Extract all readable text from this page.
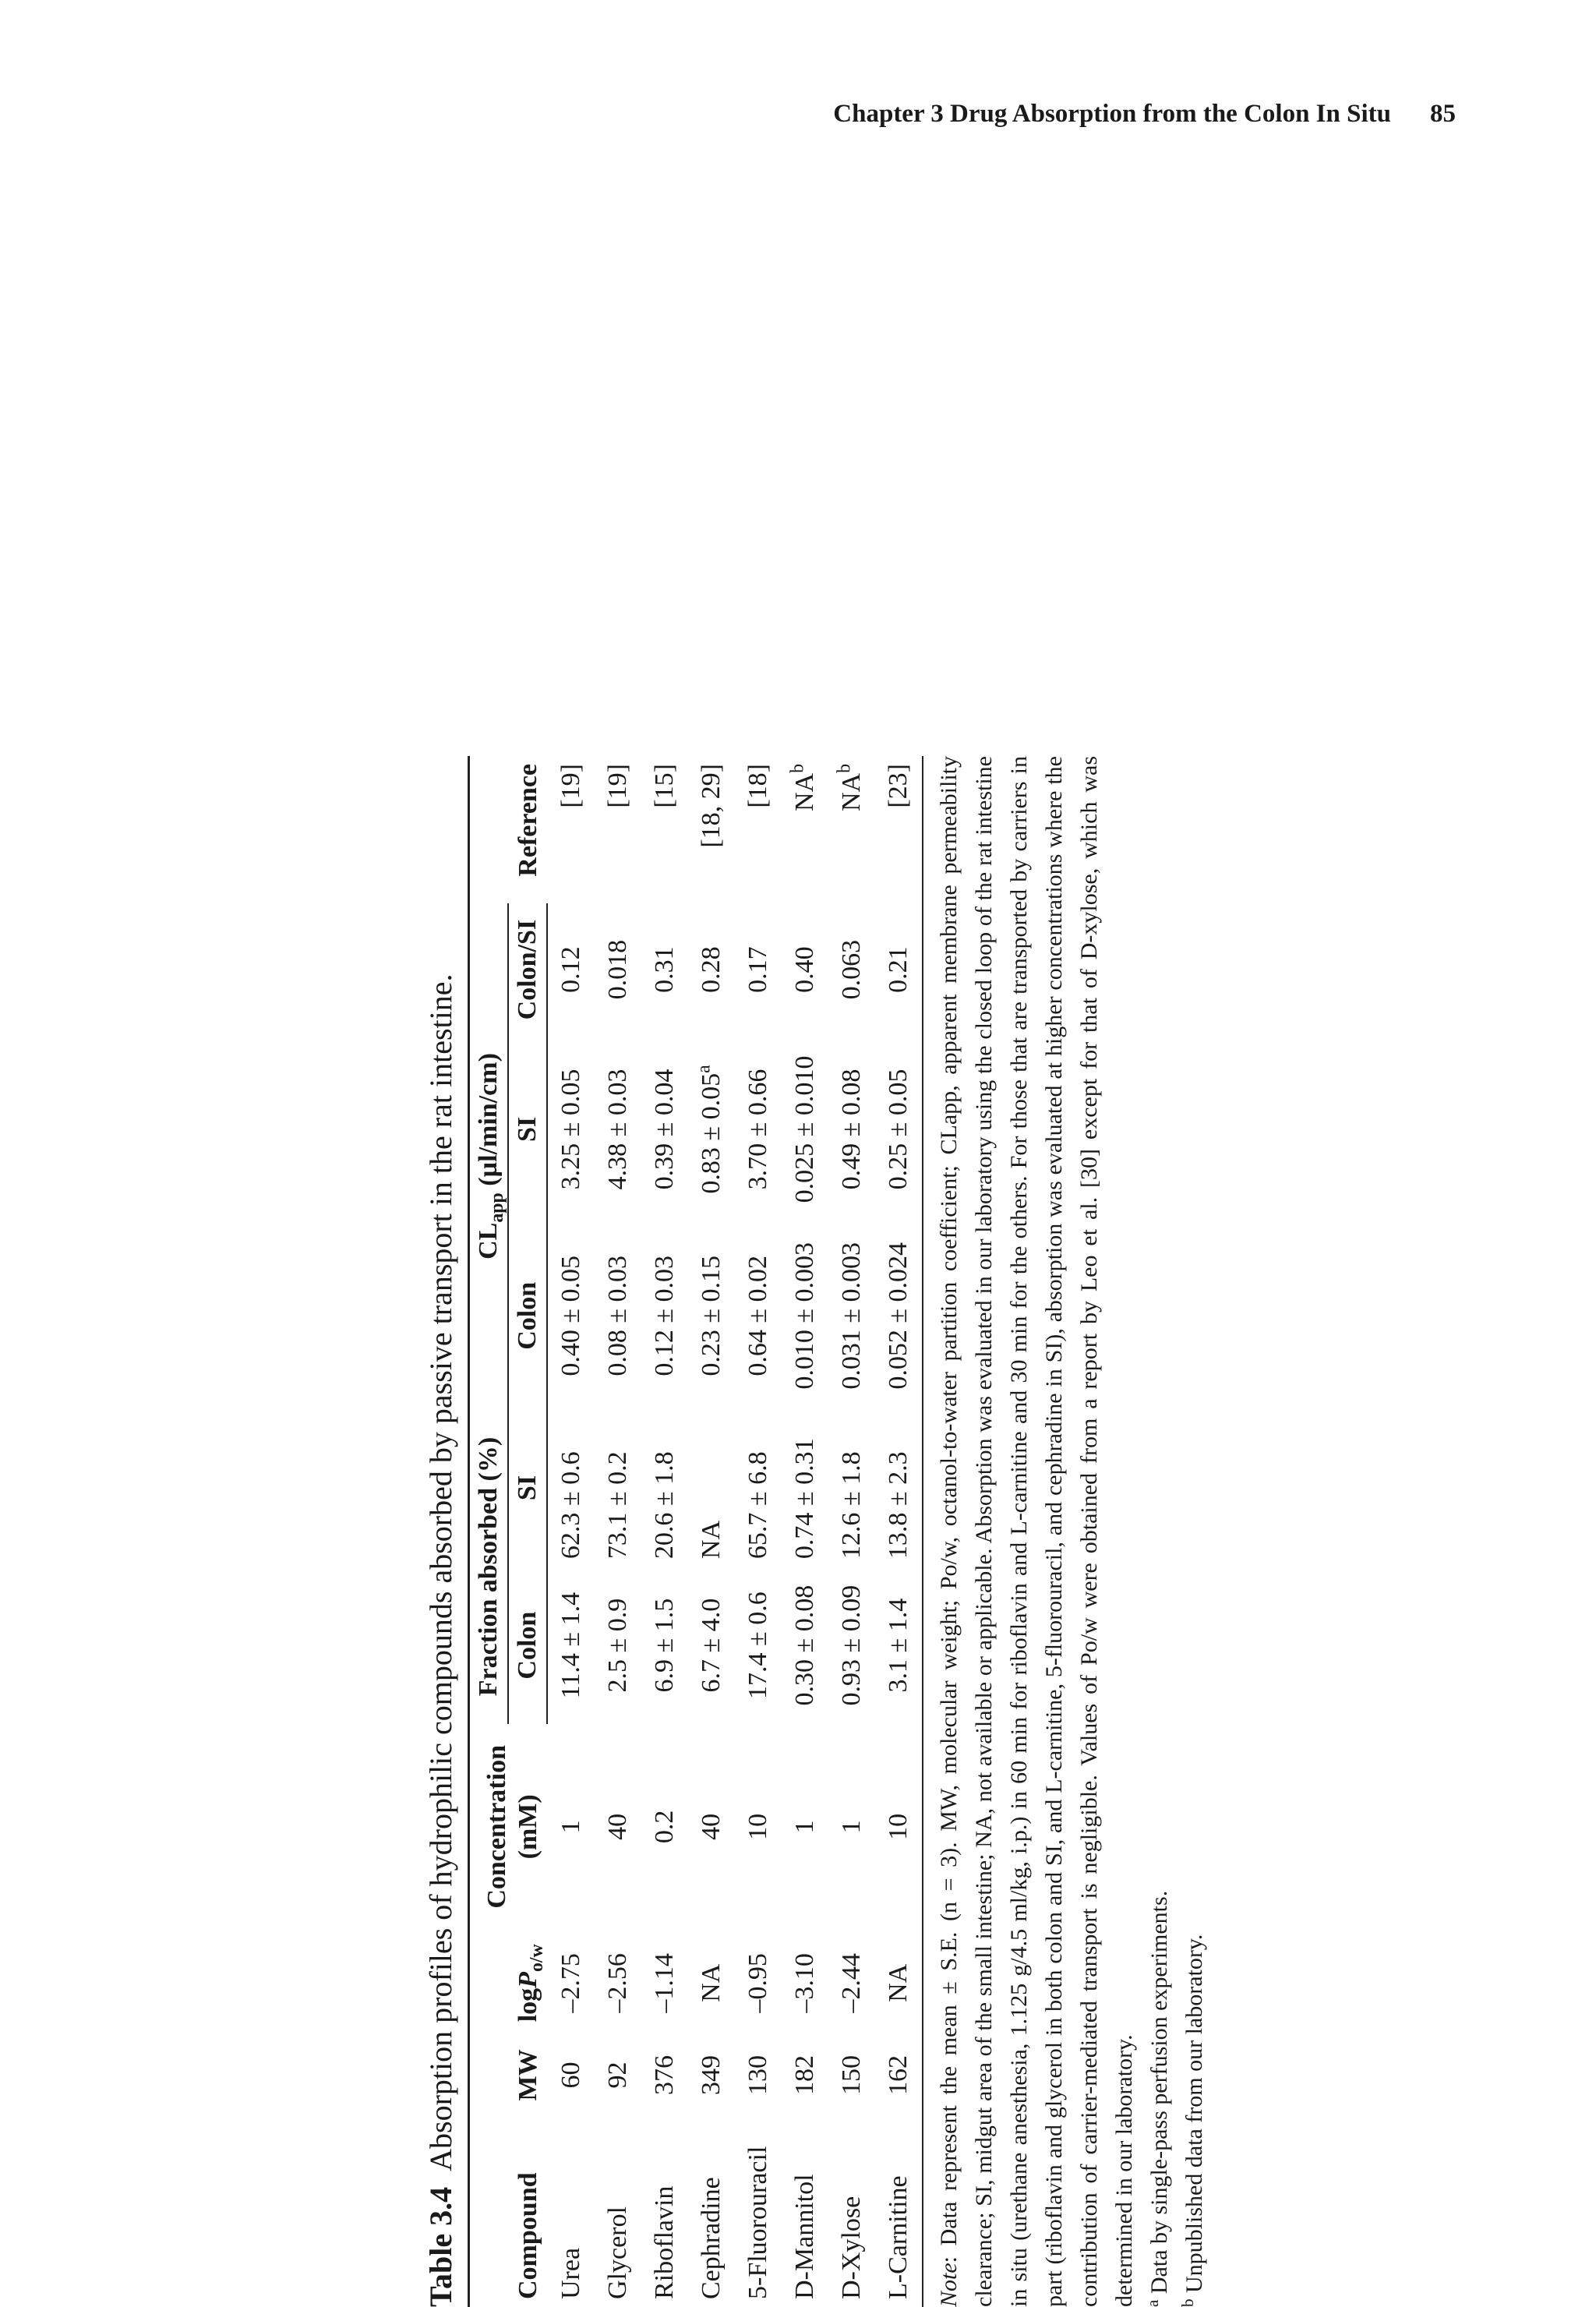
Chapter 3 Drug Absorption from the Colon In Situ 85
Table 3.4  Absorption profiles of hydrophilic compounds absorbed by passive transport in the rat intestine.
Compound	MW	logP$_{o/w}$	Concentration
(mM)	Fraction absorbed (%)		$CL_{app}$ (µl/min/cm)			Reference
				Colon	SI	Colon	SI	Colon/SI	
Urea	60	–2.75	1	11.4 ± 1.4	62.3 ± 0.6	0.40 ± 0.05	3.25 ± 0.05	0.12	[19]
Glycerol	92	–2.56	40	2.5 ± 0.9	73.1 ± 0.2	0.08 ± 0.03	4.38 ± 0.03	0.018	[19]
Riboflavin	376	–1.14	0.2	6.9 ± 1.5	20.6 ± 1.8	0.12 ± 0.03	0.39 ± 0.04	0.31	[15]
Cephradine	349	NA	40	6.7 ± 4.0	NA	0.23 ± 0.15	0.83 ± 0.05$^a$	0.28	[18, 29]
5-Fluorouracil	130	–0.95	10	17.4 ± 0.6	65.7 ± 6.8	0.64 ± 0.02	3.70 ± 0.66	0.17	[18]
D-Mannitol	182	–3.10	1	0.30 ± 0.08	0.74 ± 0.31	0.010 ± 0.003	0.025 ± 0.010	0.40	$NA^b$
D-Xylose	150	–2.44	1	0.93 ± 0.09	12.6 ± 1.8	0.031 ± 0.003	0.49 ± 0.08	0.063	$NA^b$
L-Carnitine	162	NA	10	3.1 ± 1.4	13.8 ± 2.3	0.052 ± 0.024	0.25 ± 0.05	0.21	[23]
Note: Data represent the mean ± S.E. (n = 3). MW, molecular weight; Po/w, octanol-to-water partition coefficient; CLapp, apparent membrane permeability clearance; SI, midgut area of the small intestine; NA, not available or applicable. Absorption was evaluated in our laboratory using the closed loop of the rat intestine in situ (urethane anesthesia, 1.125 g/4.5 ml/kg, i.p.) in 60 min for riboflavin and L-carnitine and 30 min for the others. For those that are transported by carriers in part (riboflavin and glycerol in both colon and SI, and L-carnitine, 5-fluorouracil, and cephradine in SI), absorption was evaluated at higher concentrations where the contribution of carrier-mediated transport is negligible. Values of Po/w were obtained from a report by Leo et al. [30] except for that of D-xylose, which was determined in our laboratory. $^a$ Data by single-pass perfusion experiments.
$^b$ Unpublished data from our laboratory.
